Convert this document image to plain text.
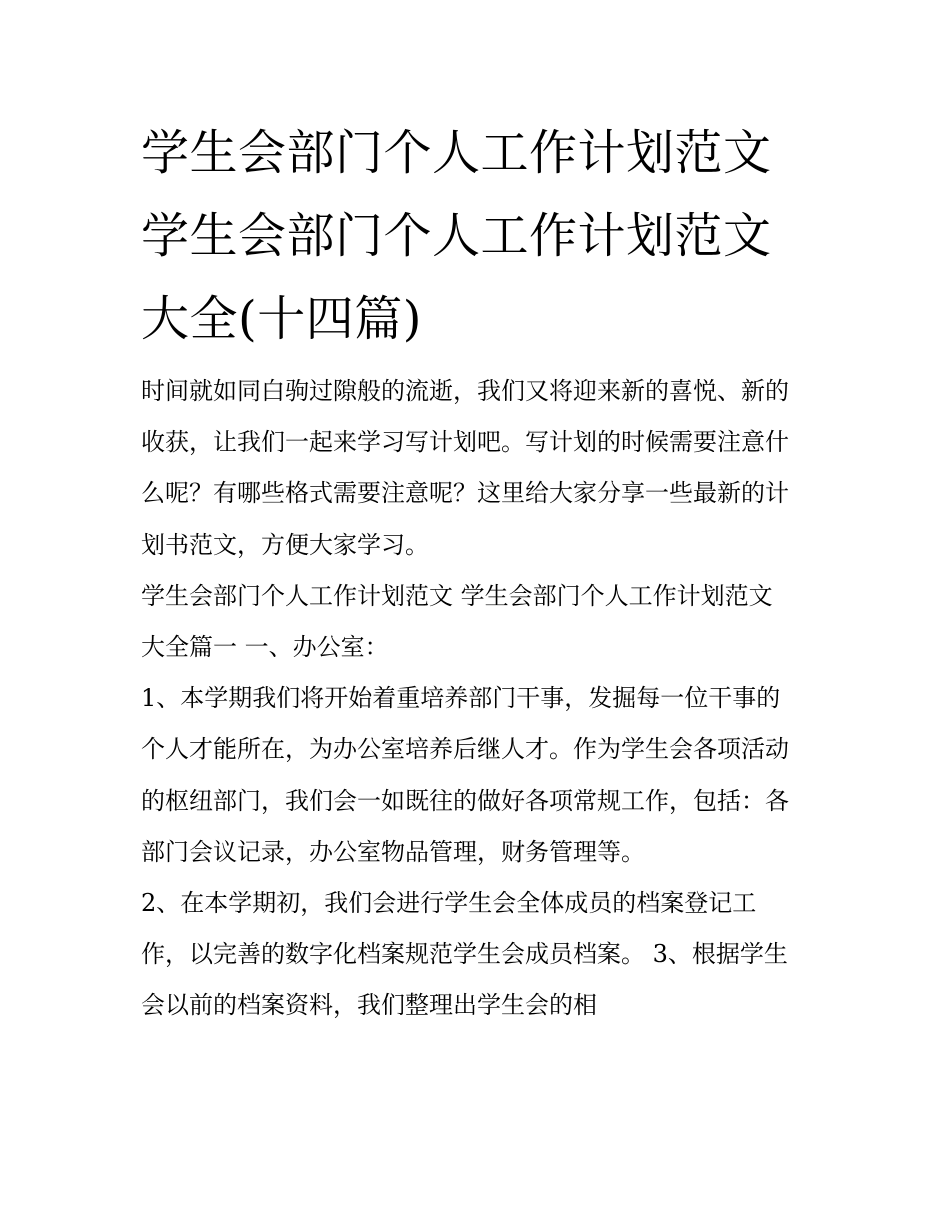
学生会部门个人工作计划范文
学生会部门个人工作计划范文
大全(十四篇)
时间就如同白驹过隙般的流逝，我们又将迎来新的喜悦、新的
收获，让我们一起来学习写计划吧。写计划的时候需要注意什
么呢？有哪些格式需要注意呢？这里给大家分享一些最新的计
划书范文，方便大家学习。
学生会部门个人工作计划范文 学生会部门个人工作计划范文
大全篇一 一、办公室：
1、本学期我们将开始着重培养部门干事，发掘每一位干事的
个人才能所在，为办公室培养后继人才。作为学生会各项活动
的枢纽部门，我们会一如既往的做好各项常规工作，包括：各
部门会议记录，办公室物品管理，财务管理等。
2、在本学期初，我们会进行学生会全体成员的档案登记工
作，以完善的数字化档案规范学生会成员档案。 3、根据学生
会以前的档案资料，我们整理出学生会的相
